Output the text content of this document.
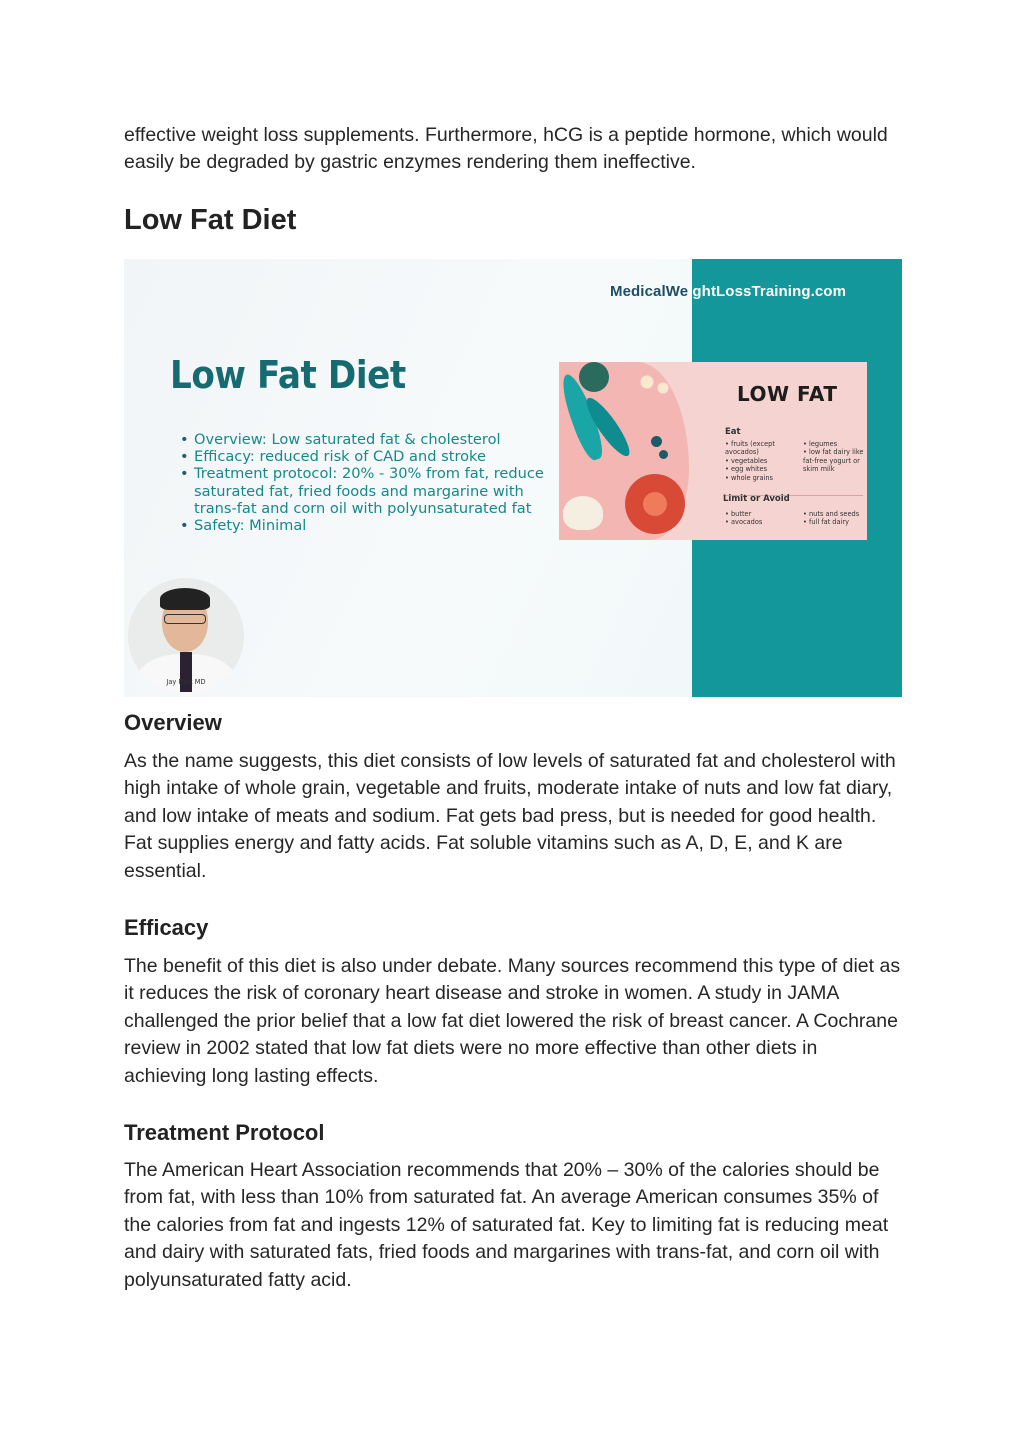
effective weight loss supplements. Furthermore, hCG is a peptide hormone, which would easily be degraded by gastric enzymes rendering them ineffective.

Low Fat Diet
MedicalWeightLossTraining.com
Low Fat Diet
• Overview: Low saturated fat & cholesterol
• Efficacy: reduced risk of CAD and stroke
• Treatment protocol: 20% - 30% from fat, reduce saturated fat, fried foods and margarine with trans-fat and corn oil with polyunsaturated fat
• Safety: Minimal
LOW FAT
Eat
• fruits (except avocados)
• vegetables
• egg whites
• whole grains
• legumes
• low fat dairy like fat-free yogurt or skim milk
Limit or Avoid
• butter
• avocados
• nuts and seeds
• full fat dairy
Jay Park MD
Overview

As the name suggests, this diet consists of low levels of saturated fat and cholesterol with high intake of whole grain, vegetable and fruits, moderate intake of nuts and low fat diary, and low intake of meats and sodium. Fat gets bad press, but is needed for good health. Fat supplies energy and fatty acids. Fat soluble vitamins such as A, D, E, and K are essential.

Efficacy

The benefit of this diet is also under debate. Many sources recommend this type of diet as it reduces the risk of coronary heart disease and stroke in women. A study in JAMA challenged the prior belief that a low fat diet lowered the risk of breast cancer. A Cochrane review in 2002 stated that low fat diets were no more effective than other diets in achieving long lasting effects.

Treatment Protocol

The American Heart Association recommends that 20% – 30% of the calories should be from fat, with less than 10% from saturated fat. An average American consumes 35% of the calories from fat and ingests 12% of saturated fat. Key to limiting fat is reducing meat and dairy with saturated fats, fried foods and margarines with trans-fat, and corn oil with polyunsaturated fatty acid.
